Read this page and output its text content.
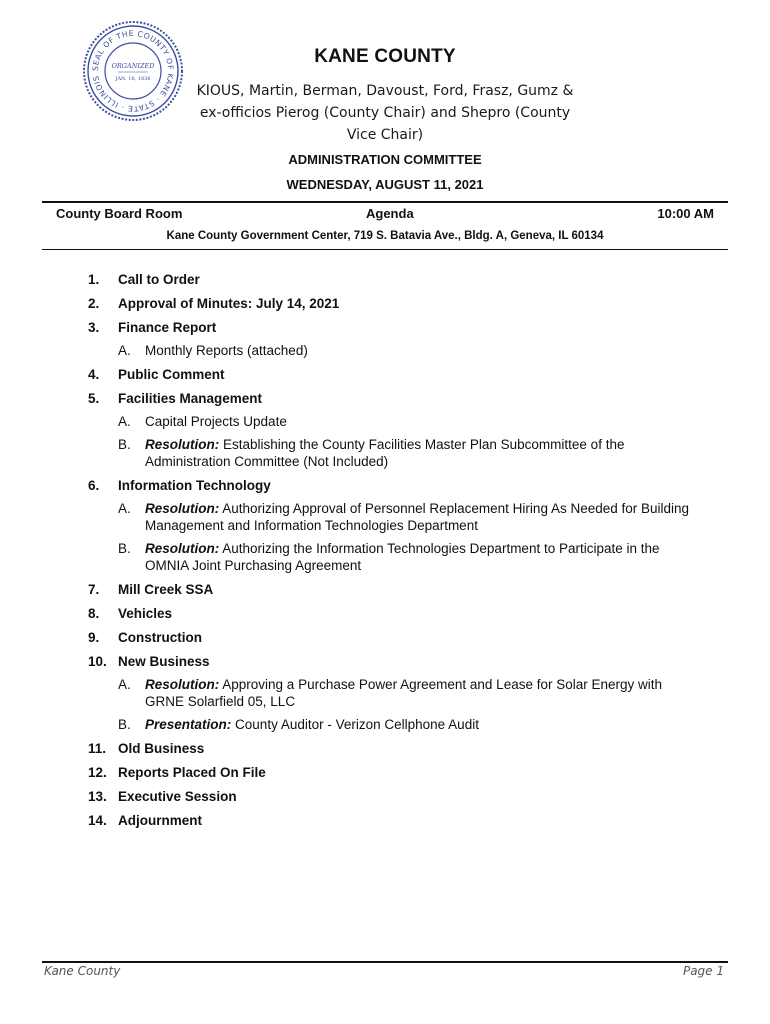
SEAL OF THE COUNTY OF KANE · STATE · ILLINOIS
ORGANIZED
JAN. 16, 1836
KANE COUNTY
KIOUS, Martin, Berman, Davoust, Ford, Frasz, Gumz &
ex-officios Pierog (County Chair) and Shepro (County
Vice Chair)
ADMINISTRATION COMMITTEE
WEDNESDAY, AUGUST 11, 2021
County Board Room	Agenda	10:00 AM
Kane County Government Center, 719 S. Batavia Ave., Bldg. A, Geneva, IL 60134
1. Call to Order
2. Approval of Minutes: July 14, 2021
3. Finance Report
A. Monthly Reports (attached)
4. Public Comment
5. Facilities Management
A. Capital Projects Update
B. Resolution: Establishing the County Facilities Master Plan Subcommittee of the Administration Committee (Not Included)
6. Information Technology
A. Resolution: Authorizing Approval of Personnel Replacement Hiring As Needed for Building Management and Information Technologies Department
B. Resolution: Authorizing the Information Technologies Department to Participate in the OMNIA Joint Purchasing Agreement
7. Mill Creek SSA
8. Vehicles
9. Construction
10. New Business
A. Resolution: Approving a Purchase Power Agreement and Lease for Solar Energy with GRNE Solarfield 05, LLC
B. Presentation: County Auditor - Verizon Cellphone Audit
11. Old Business
12. Reports Placed On File
13. Executive Session
14. Adjournment
Kane County	Page 1
